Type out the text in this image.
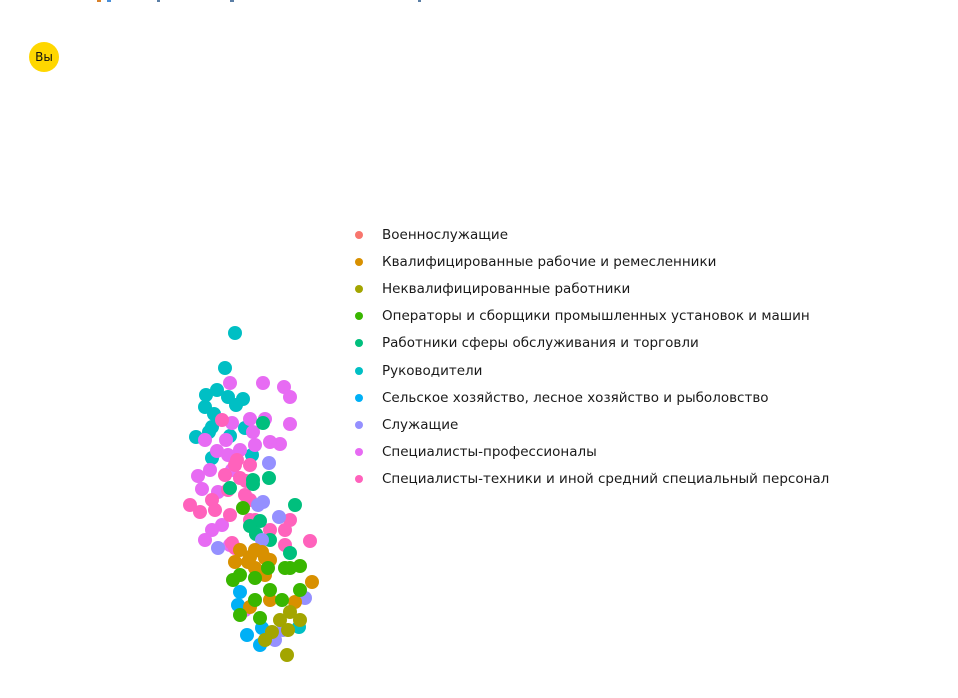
Вы
Военнослужащие
Квалифицированные рабочие и ремесленники
Неквалифицированные работники
Операторы и сборщики промышленных установок и машин
Работники сферы обслуживания и торговли
Руководители
Сельское хозяйство, лесное хозяйство и рыболовство
Служащие
Специалисты-профессионалы
Специалисты-техники и иной средний специальный персонал
